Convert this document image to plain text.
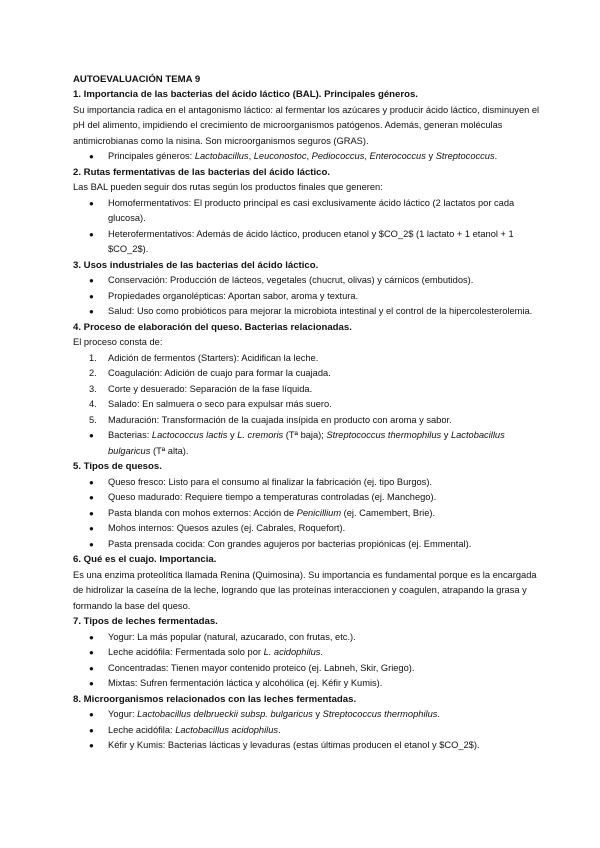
AUTOEVALUACIÓN TEMA 9
1. Importancia de las bacterias del ácido láctico (BAL). Principales géneros.

Su importancia radica en el antagonismo láctico: al fermentar los azúcares y producir ácido láctico, disminuyen el pH del alimento, impidiendo el crecimiento de microorganismos patógenos. Además, generan moléculas antimicrobianas como la nisina. Son microorganismos seguros (GRAS).

● Principales géneros: Lactobacillus, Leuconostoc, Pediococcus, Enterococcus y Streptococcus.
2. Rutas fermentativas de las bacterias del ácido láctico.

Las BAL pueden seguir dos rutas según los productos finales que generen:

● Homofermentativos: El producto principal es casi exclusivamente ácido láctico (2 lactatos por cada glucosa).
● Heterofermentativos: Además de ácido láctico, producen etanol y $CO_2$ (1 lactato + 1 etanol + 1 $CO_2$).
3. Usos industriales de las bacterias del ácido láctico.
● Conservación: Producción de lácteos, vegetales (chucrut, olivas) y cárnicos (embutidos).
● Propiedades organolépticas: Aportan sabor, aroma y textura.
● Salud: Uso como probióticos para mejorar la microbiota intestinal y el control de la hipercolesterolemia.
4. Proceso de elaboración del queso. Bacterias relacionadas.

El proceso consta de:

1.	Adición de fermentos (Starters): Acidifican la leche.
2.	Coagulación: Adición de cuajo para formar la cuajada.
3.	Corte y desuerado: Separación de la fase líquida.
4.	Salado: En salmuera o seco para expulsar más suero.
5.	Maduración: Transformación de la cuajada insípida en producto con aroma y sabor.
● Bacterias: Lactococcus lactis y L. cremoris (Tª baja); Streptococcus thermophilus y Lactobacillus bulgaricus (Tª alta).
5. Tipos de quesos.
● Queso fresco: Listo para el consumo al finalizar la fabricación (ej. tipo Burgos).
● Queso madurado: Requiere tiempo a temperaturas controladas (ej. Manchego).
● Pasta blanda con mohos externos: Acción de Penicillium (ej. Camembert, Brie).
● Mohos internos: Quesos azules (ej. Cabrales, Roquefort).
● Pasta prensada cocida: Con grandes agujeros por bacterias propiónicas (ej. Emmental).
6. Qué es el cuajo. Importancia.

Es una enzima proteolítica llamada Renina (Quimosina). Su importancia es fundamental porque es la encargada de hidrolizar la caseína de la leche, logrando que las proteínas interaccionen y coagulen, atrapando la grasa y formando la base del queso.

7. Tipos de leches fermentadas.
● Yogur: La más popular (natural, azucarado, con frutas, etc.).
● Leche acidófila: Fermentada solo por L. acidophilus.
● Concentradas: Tienen mayor contenido proteico (ej. Labneh, Skir, Griego).
● Mixtas: Sufren fermentación láctica y alcohólica (ej. Kéfir y Kumis).
8. Microorganismos relacionados con las leches fermentadas.
● Yogur: Lactobacillus delbrueckii subsp. bulgaricus y Streptococcus thermophilus.
● Leche acidófila: Lactobacillus acidophilus.
● Kéfir y Kumis: Bacterias lácticas y levaduras (estas últimas producen el etanol y $CO_2$).
